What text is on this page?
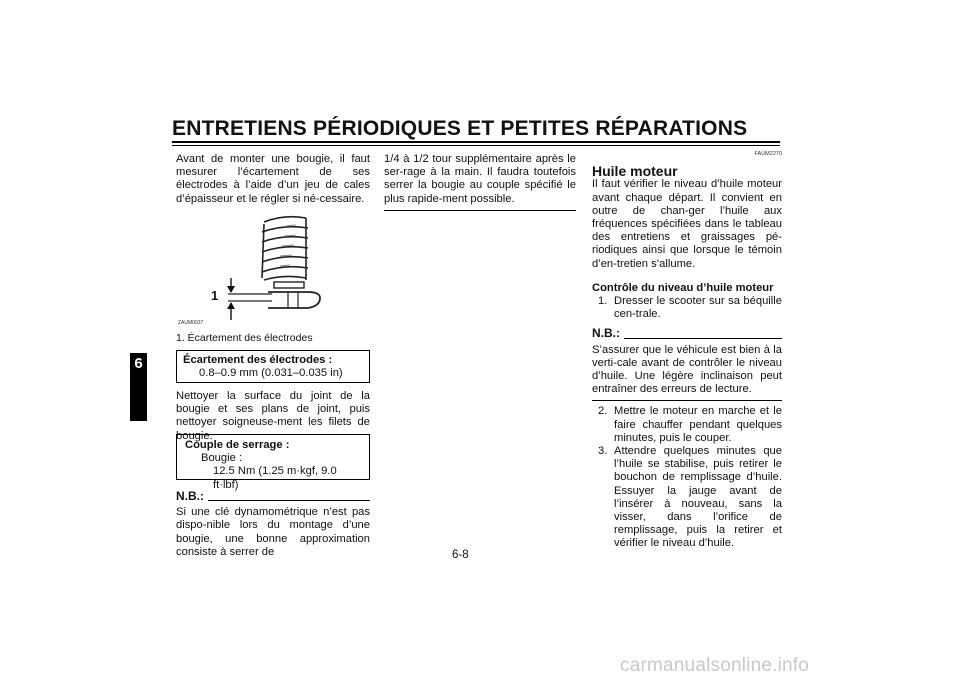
ENTRETIENS PÉRIODIQUES ET PETITES RÉPARATIONS
6

Avant de monter une bougie, il faut mesurer l’écartement de ses électrodes à l’aide d’un jeu de cales d’épaisseur et le régler si né-cessaire.

1
ZAUM0037
1. Écartement des électrodes
Écartement des électrodes :
0.8–0.9 mm (0.031–0.035 in)

Nettoyer la surface du joint de la bougie et ses plans de joint, puis nettoyer soigneuse-ment les filets de bougie.

Couple de serrage :
Bougie :
12.5 Nm (1.25 m·kgf, 9.0 ft·lbf)
N.B.:

Si une clé dynamométrique n’est pas dispo-nible lors du montage d’une bougie, une bonne approximation consiste à serrer de

1/4 à 1/2 tour supplémentaire après le ser-rage à la main. Il faudra toutefois serrer la bougie au couple spécifié le plus rapide-ment possible.

FAUM2270
Huile moteur

Il faut vérifier le niveau d’huile moteur avant chaque départ. Il convient en outre de chan-ger l’huile aux fréquences spécifiées dans le tableau des entretiens et graissages pé-riodiques ainsi que lorsque le témoin d’en-tretien s’allume.

Contrôle du niveau d’huile moteur
1. Dresser le scooter sur sa béquille cen-trale.
N.B.:

S’assurer que le véhicule est bien à la verti-cale avant de contrôler le niveau d’huile. Une légère inclinaison peut entraîner des erreurs de lecture.

2. Mettre le moteur en marche et le faire chauffer pendant quelques minutes, puis le couper.
3. Attendre quelques minutes que l’huile se stabilise, puis retirer le bouchon de remplissage d’huile. Essuyer la jauge avant de l’insérer à nouveau, sans la visser, dans l’orifice de remplissage, puis la retirer et vérifier le niveau d’huile.
6-8
carmanualsonline.info
